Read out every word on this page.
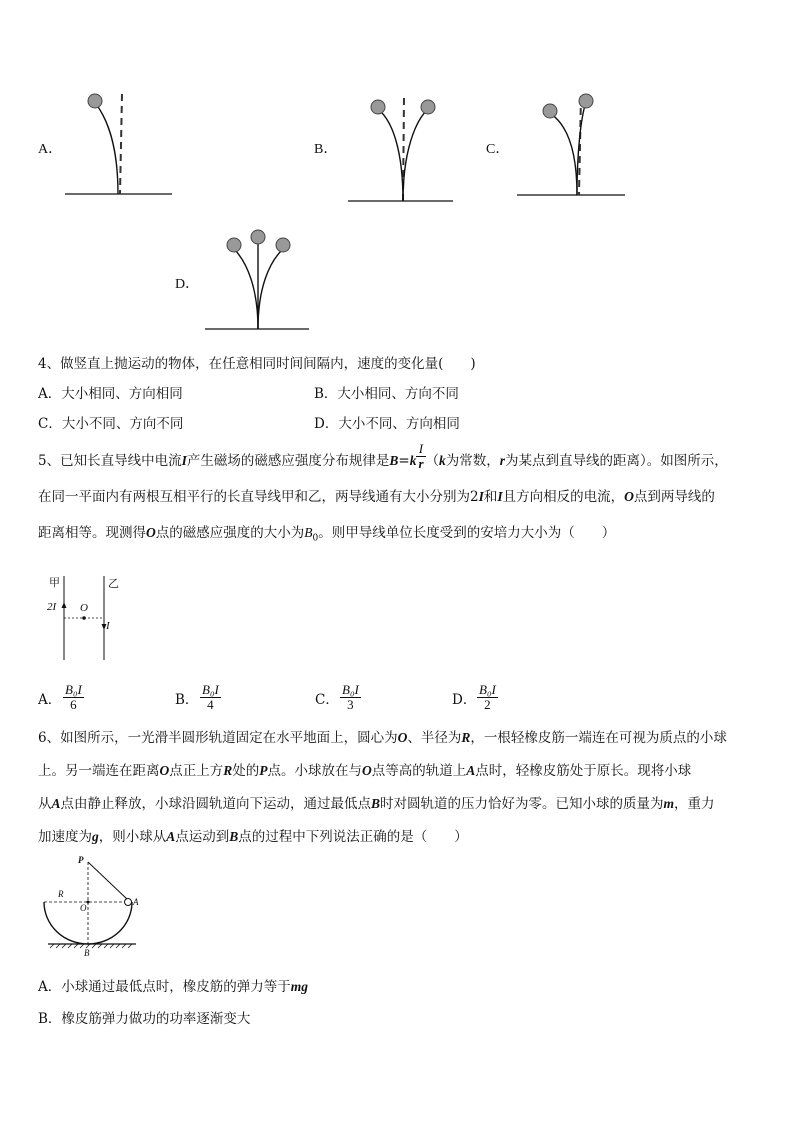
A．	B．	C．
D．
4、做竖直上抛运动的物体，在任意相同时间间隔内，速度的变化量(　　)
A．大小相同、方向相同	B．大小相同、方向不同
C．大小不同、方向不同	D．大小不同、方向相同
5、已知长直导线中电流I产生磁场的磁感应强度分布规律是$B=k \frac{I}{r} (k$为常数，r为某点到直导线的距离）。如图所示，
在同一平面内有两根互相平行的长直导线甲和乙，两导线通有大小分别为2I和I且方向相反的电流，O点到两导线的
距离相等。现测得O点的磁感应强度的大小为$B_0$。则甲导线单位长度受到的安培力大小为（　　）
甲	乙
2I O
I
A． $\frac{\text{B₀I}}{6}$	B． $\frac{\text{B₀I}}{4}$	C． $\frac{\text{B₀I}}{3}$	D． $\frac{\text{B₀I}}{2}$
6、如图所示，一光滑半圆形轨道固定在水平地面上，圆心为O、半径为R，一根轻橡皮筋一端连在可视为质点的小球
上。另一端连在距离O点正上方R处的P点。小球放在与O点等高的轨道上A点时，轻橡皮筋处于原长。现将小球
从A点由静止释放，小球沿圆轨道向下运动，通过最低点B时对圆轨道的压力恰好为零。已知小球的质量为m，重力
加速度为g，则小球从A点运动到B点的过程中下列说法正确的是（　　）
P
R
O
A
B
A．小球通过最低点时，橡皮筋的弹力等于mg
B．橡皮筋弹力做功的功率逐渐变大
